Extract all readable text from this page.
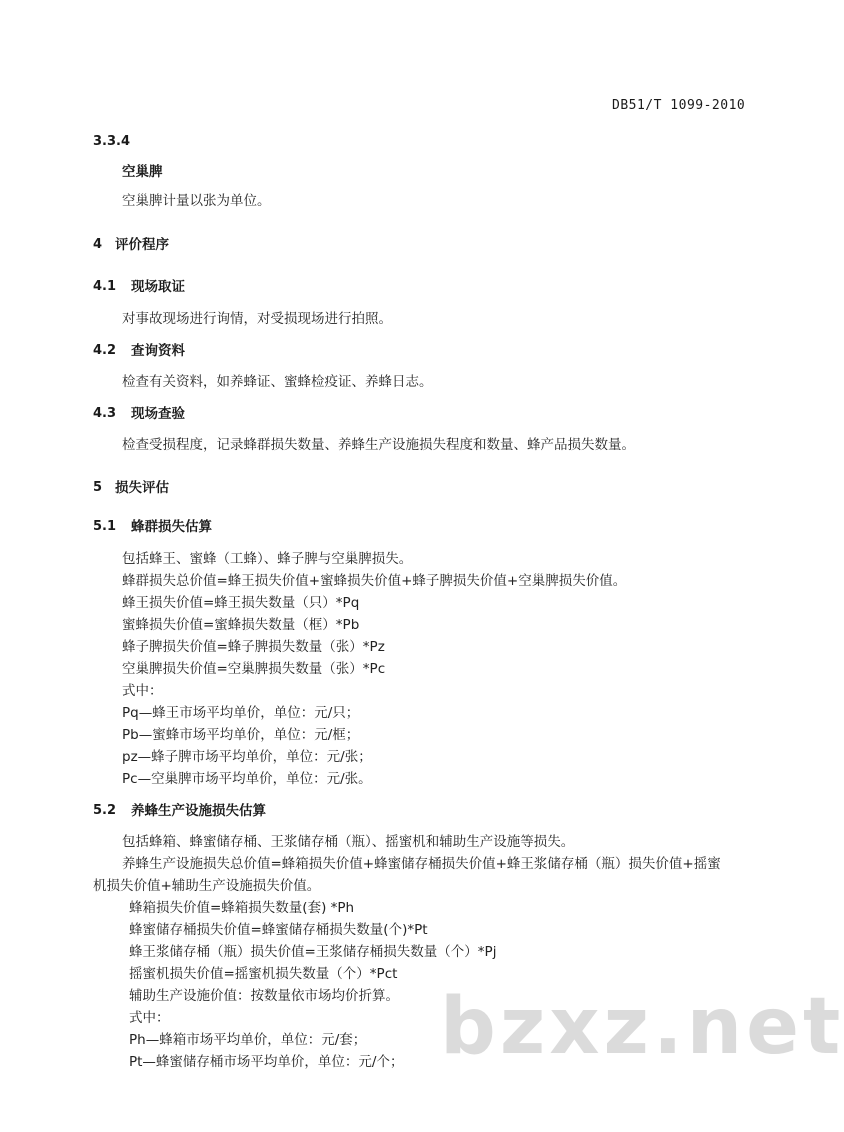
DB51/T 1099-2010
3.3.4
空巢脾
空巢脾计量以张为单位。
4 评价程序
4.1 现场取证
对事故现场进行询情，对受损现场进行拍照。
4.2 查询资料
检查有关资料，如养蜂证、蜜蜂检疫证、养蜂日志。
4.3 现场查验
检查受损程度，记录蜂群损失数量、养蜂生产设施损失程度和数量、蜂产品损失数量。
5 损失评估
5.1 蜂群损失估算
包括蜂王、蜜蜂（工蜂）、蜂子脾与空巢脾损失。
蜂群损失总价值=蜂王损失价值+蜜蜂损失价值+蜂子脾损失价值+空巢脾损失价值。
蜂王损失价值=蜂王损失数量（只）*Pq
蜜蜂损失价值=蜜蜂损失数量（框）*Pb
蜂子脾损失价值=蜂子脾损失数量（张）*Pz
空巢脾损失价值=空巢脾损失数量（张）*Pc
式中：
Pq—蜂王市场平均单价，单位：元/只；
Pb—蜜蜂市场平均单价，单位：元/框；
pz—蜂子脾市场平均单价，单位：元/张；
Pc—空巢脾市场平均单价，单位：元/张。
5.2 养蜂生产设施损失估算
包括蜂箱、蜂蜜储存桶、王浆储存桶（瓶）、摇蜜机和辅助生产设施等损失。
养蜂生产设施损失总价值=蜂箱损失价值+蜂蜜储存桶损失价值+蜂王浆储存桶（瓶）损失价值+摇蜜
机损失价值+辅助生产设施损失价值。
蜂箱损失价值=蜂箱损失数量(套) *Ph
蜂蜜储存桶损失价值=蜂蜜储存桶损失数量(个)*Pt
蜂王浆储存桶（瓶）损失价值=王浆储存桶损失数量（个）*Pj
摇蜜机损失价值=摇蜜机损失数量（个）*Pct
辅助生产设施价值：按数量依市场均价折算。
式中：
Ph—蜂箱市场平均单价，单位：元/套；
Pt—蜂蜜储存桶市场平均单价，单位：元/个； bzxz.net
